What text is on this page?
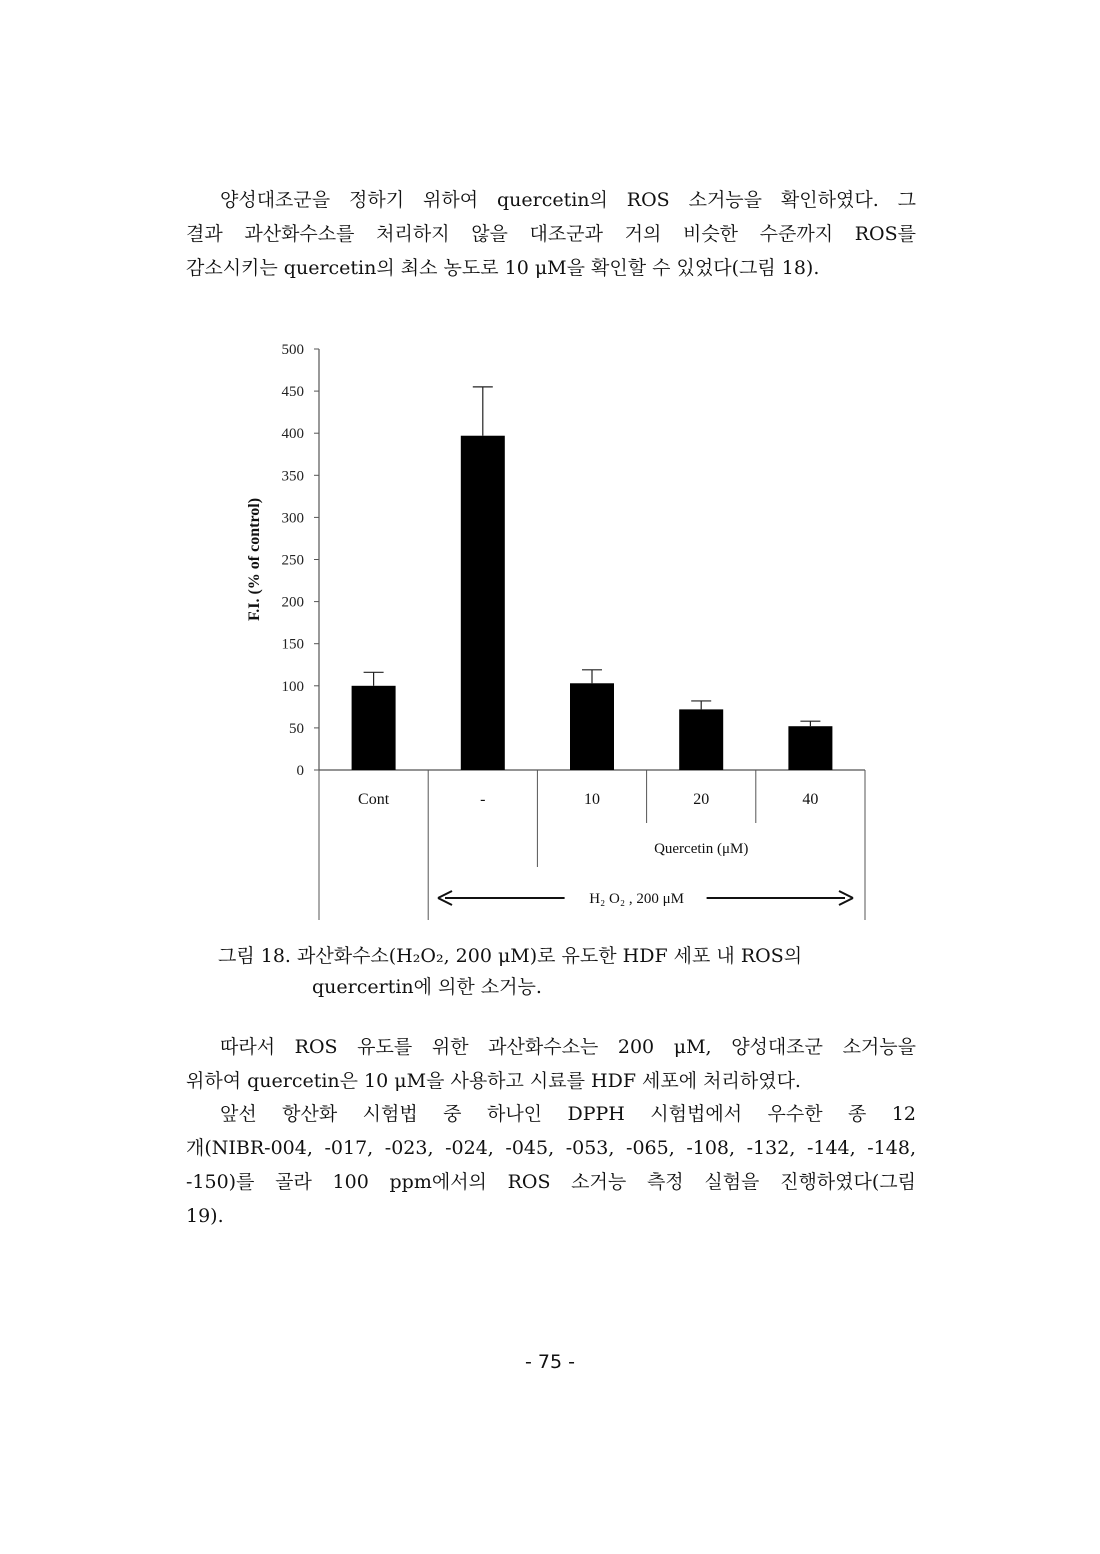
양성대조군을 정하기 위하여 quercetin의 ROS 소거능을 확인하였다. 그
결과 과산화수소를 처리하지 않을 대조군과 거의 비슷한 수준까지 ROS를
감소시키는 quercetin의 최소 농도로 10 μM을 확인할 수 있었다(그림 18).
0
50
100
150
200
250
300
350
400
450
500
F.I. (% of control)
Cont	-	10	20	40
Quercetin (μM)
H₂ O₂ , 200 μM
그림 18. 과산화수소(H₂O₂, 200 μM)로 유도한 HDF 세포 내 ROS의
quercertin에 의한 소거능.
따라서 ROS 유도를 위한 과산화수소는 200 μM, 양성대조군 소거능을
위하여 quercetin은 10 μM을 사용하고 시료를 HDF 세포에 처리하였다.
앞선 항산화 시험법 중 하나인 DPPH 시험법에서 우수한 종 12
개(NIBR-004, -017, -023, -024, -045, -053, -065, -108, -132, -144, -148,
-150)를 골라 100 ppm에서의 ROS 소거능 측정 실험을 진행하였다(그림
19).
- 75 -
